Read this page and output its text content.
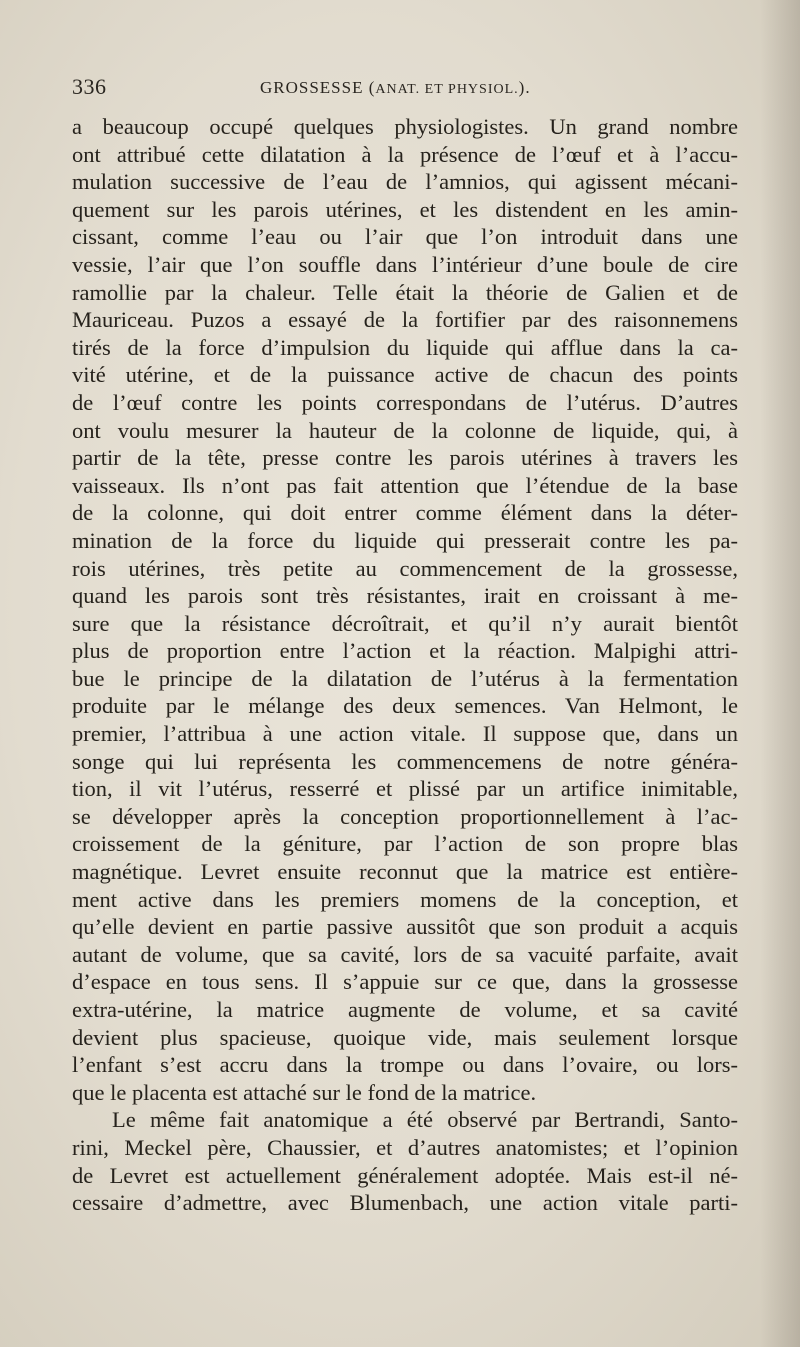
336	GROSSESSE (ANAT. ET PHYSIOL.).
a beaucoup occupé quelques physiologistes. Un grand nombre
ont attribué cette dilatation à la présence de l’œuf et à l’accu-
mulation successive de l’eau de l’amnios, qui agissent mécani-
quement sur les parois utérines, et les distendent en les amin-
cissant, comme l’eau ou l’air que l’on introduit dans une
vessie, l’air que l’on souffle dans l’intérieur d’une boule de cire
ramollie par la chaleur. Telle était la théorie de Galien et de
Mauriceau. Puzos a essayé de la fortifier par des raisonnemens
tirés de la force d’impulsion du liquide qui afflue dans la ca-
vité utérine, et de la puissance active de chacun des points
de l’œuf contre les points correspondans de l’utérus. D’autres
ont voulu mesurer la hauteur de la colonne de liquide, qui, à
partir de la tête, presse contre les parois utérines à travers les
vaisseaux. Ils n’ont pas fait attention que l’étendue de la base
de la colonne, qui doit entrer comme élément dans la déter-
mination de la force du liquide qui presserait contre les pa-
rois utérines, très petite au commencement de la grossesse,
quand les parois sont très résistantes, irait en croissant à me-
sure que la résistance décroîtrait, et qu’il n’y aurait bientôt
plus de proportion entre l’action et la réaction. Malpighi attri-
bue le principe de la dilatation de l’utérus à la fermentation
produite par le mélange des deux semences. Van Helmont, le
premier, l’attribua à une action vitale. Il suppose que, dans un
songe qui lui représenta les commencemens de notre généra-
tion, il vit l’utérus, resserré et plissé par un artifice inimitable,
se développer après la conception proportionnellement à l’ac-
croissement de la géniture, par l’action de son propre blas
magnétique. Levret ensuite reconnut que la matrice est entière-
ment active dans les premiers momens de la conception, et
qu’elle devient en partie passive aussitôt que son produit a acquis
autant de volume, que sa cavité, lors de sa vacuité parfaite, avait
d’espace en tous sens. Il s’appuie sur ce que, dans la grossesse
extra-utérine, la matrice augmente de volume, et sa cavité
devient plus spacieuse, quoique vide, mais seulement lorsque
l’enfant s’est accru dans la trompe ou dans l’ovaire, ou lors-
que le placenta est attaché sur le fond de la matrice.
Le même fait anatomique a été observé par Bertrandi, Santo-
rini, Meckel père, Chaussier, et d’autres anatomistes; et l’opinion
de Levret est actuellement généralement adoptée. Mais est-il né-
cessaire d’admettre, avec Blumenbach, une action vitale parti-
